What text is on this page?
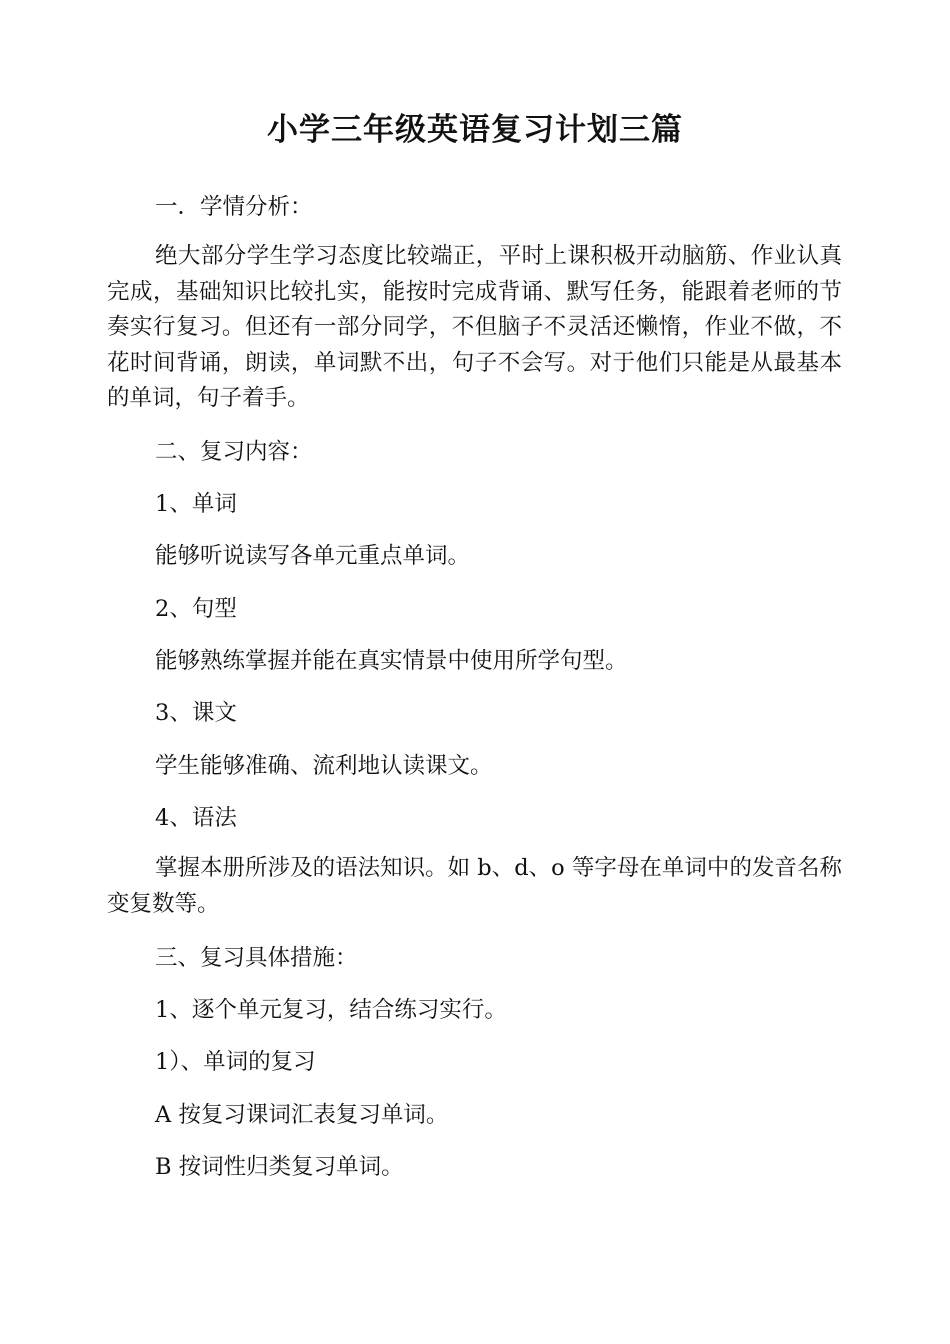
小学三年级英语复习计划三篇

一．学情分析：

绝大部分学生学习态度比较端正，平时上课积极开动脑筋、作业认真完成，基础知识比较扎实，能按时完成背诵、默写任务，能跟着老师的节奏实行复习。但还有一部分同学，不但脑子不灵活还懒惰，作业不做，不花时间背诵，朗读，单词默不出，句子不会写。对于他们只能是从最基本的单词，句子着手。

二、复习内容：

1、单词

能够听说读写各单元重点单词。

2、句型

能够熟练掌握并能在真实情景中使用所学句型。

3、课文

学生能够准确、流利地认读课文。

4、语法

掌握本册所涉及的语法知识。如 b、d、o 等字母在单词中的发音名称变复数等。

三、复习具体措施：

1、逐个单元复习，结合练习实行。

1）、单词的复习

A 按复习课词汇表复习单词。

B 按词性归类复习单词。
